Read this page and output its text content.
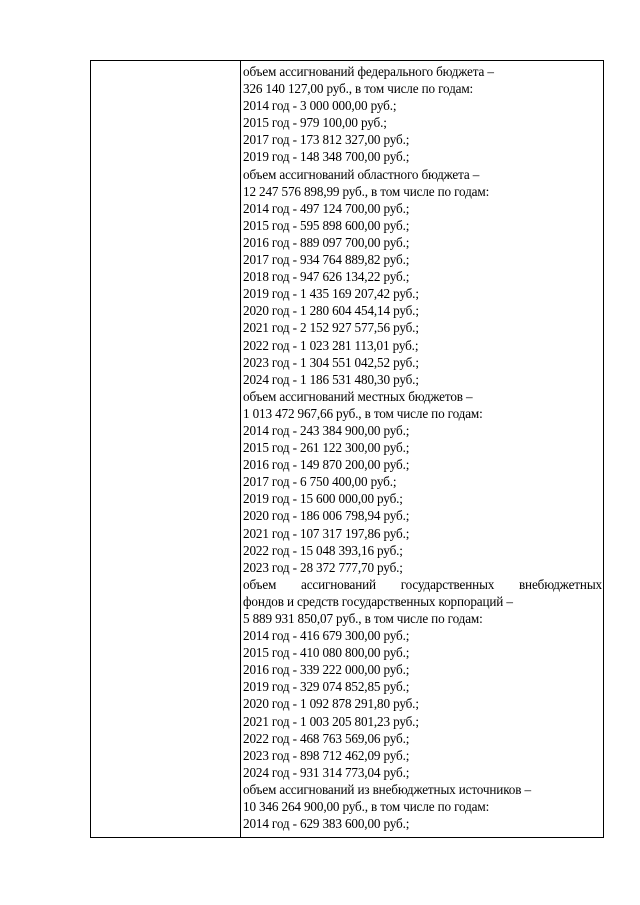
объем ассигнований федерального бюджета –
326 140 127,00 руб., в том числе по годам:
2014 год - 3 000 000,00 руб.;
2015 год - 979 100,00 руб.;
2017 год - 173 812 327,00 руб.;
2019 год - 148 348 700,00 руб.;
объем ассигнований областного бюджета –
12 247 576 898,99 руб., в том числе по годам:
2014 год - 497 124 700,00 руб.;
2015 год - 595 898 600,00 руб.;
2016 год - 889 097 700,00 руб.;
2017 год - 934 764 889,82 руб.;
2018 год - 947 626 134,22 руб.;
2019 год - 1 435 169 207,42 руб.;
2020 год - 1 280 604 454,14 руб.;
2021 год - 2 152 927 577,56 руб.;
2022 год - 1 023 281 113,01 руб.;
2023 год - 1 304 551 042,52 руб.;
2024 год - 1 186 531 480,30 руб.;
объем ассигнований местных бюджетов –
1 013 472 967,66 руб., в том числе по годам:
2014 год - 243 384 900,00 руб.;
2015 год - 261 122 300,00 руб.;
2016 год - 149 870 200,00 руб.;
2017 год - 6 750 400,00 руб.;
2019 год - 15 600 000,00 руб.;
2020 год - 186 006 798,94 руб.;
2021 год - 107 317 197,86 руб.;
2022 год - 15 048 393,16 руб.;
2023 год - 28 372 777,70 руб.;
объем ассигнований государственных внебюджетных
фондов и средств государственных корпораций –
5 889 931 850,07 руб., в том числе по годам:
2014 год - 416 679 300,00 руб.;
2015 год - 410 080 800,00 руб.;
2016 год - 339 222 000,00 руб.;
2019 год - 329 074 852,85 руб.;
2020 год - 1 092 878 291,80 руб.;
2021 год - 1 003 205 801,23 руб.;
2022 год - 468 763 569,06 руб.;
2023 год - 898 712 462,09 руб.;
2024 год - 931 314 773,04 руб.;
объем ассигнований из внебюджетных источников –
10 346 264 900,00 руб., в том числе по годам:
2014 год - 629 383 600,00 руб.;
